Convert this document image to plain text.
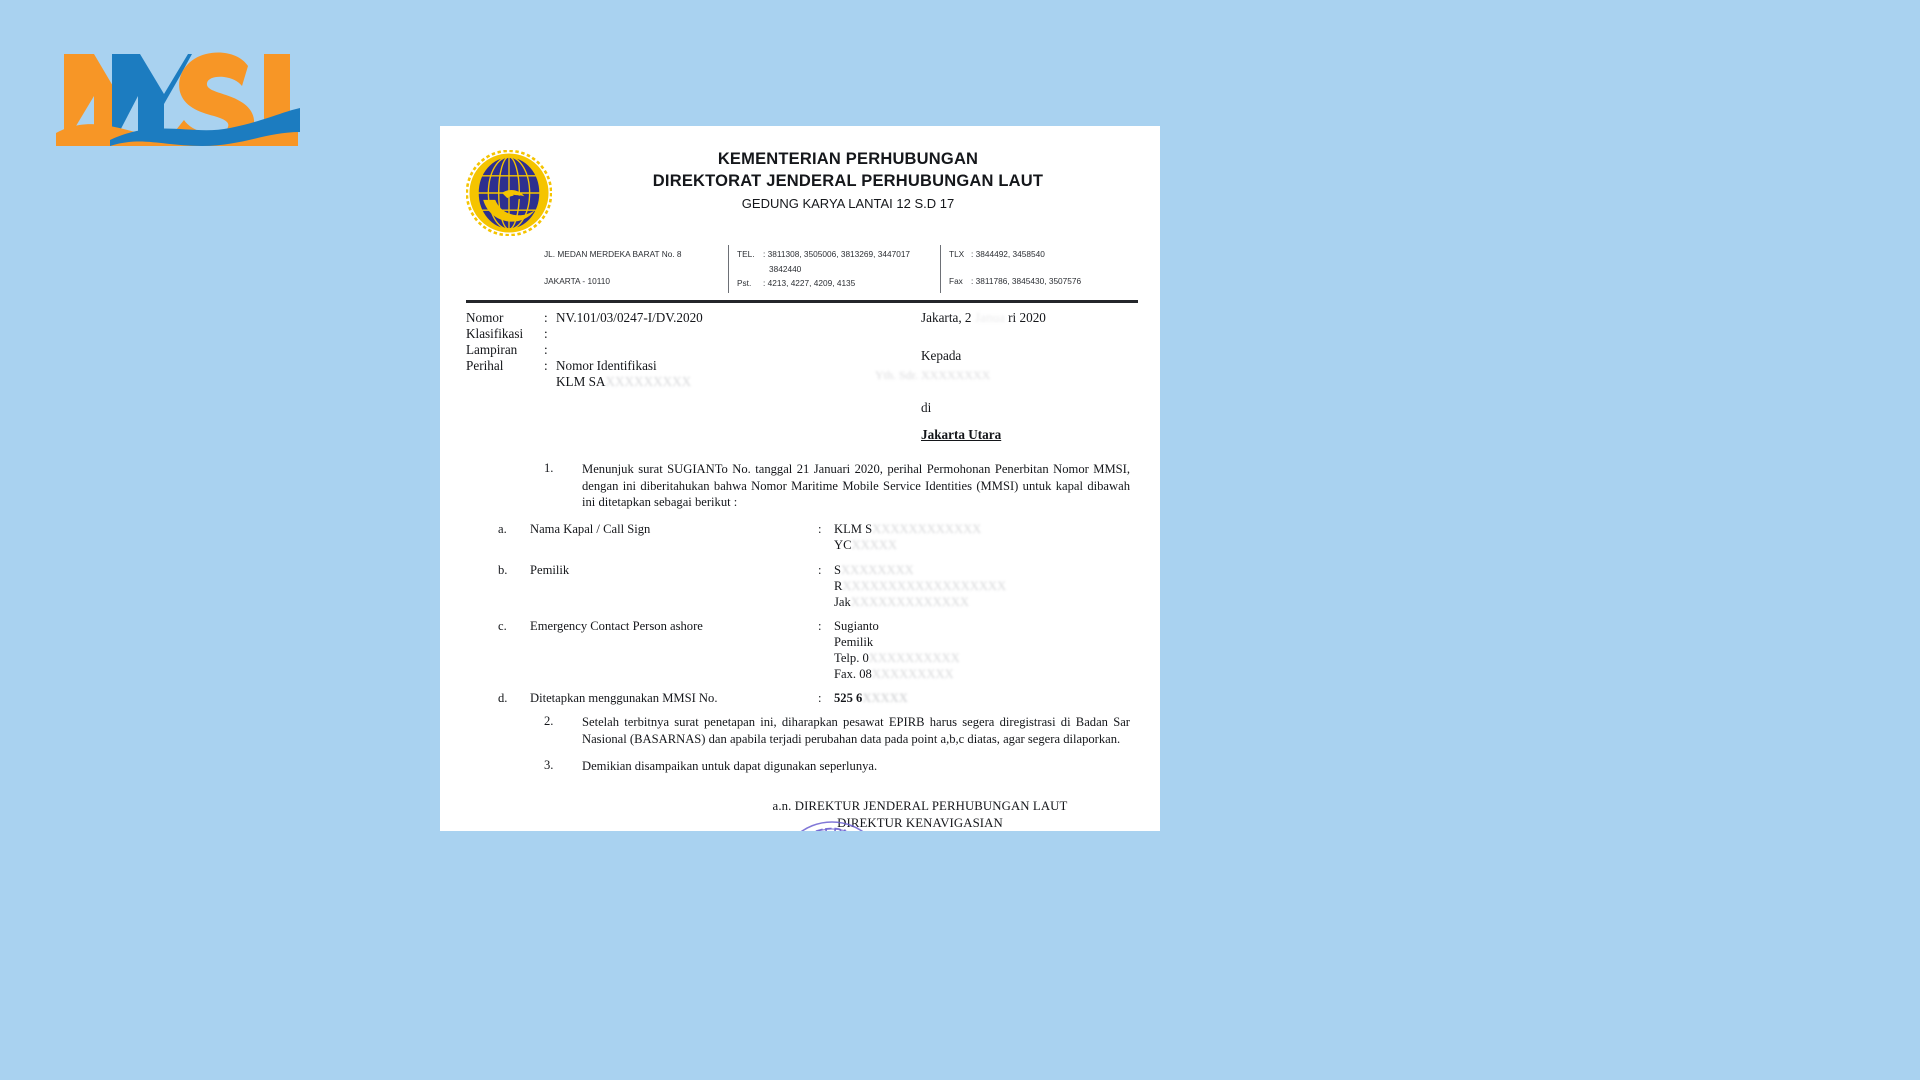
KEMENTERIAN PERHUBUNGAN
DIREKTORAT JENDERAL PERHUBUNGAN LAUT
GEDUNG KARYA LANTAI 12 S.D 17
JL. MEDAN MERDEKA BARAT No. 8
JAKARTA - 10110
TEL. : 3811308, 3505006, 3813269, 3447017
3842440
Pst. : 4213, 4227, 4209, 4135
TLX : 3844492, 3458540
Fax : 3811786, 3845430, 3507576
Nomor	: NV.101/03/0247-I/DV.2020
Klasifikasi	:
Lampiran	:
Perihal	: Nomor Identifikasi
KLM SAXXXXXXXXX
Jakarta, 2 Janua ri 2020
Kepada
Yth. Sdr. XXXXXXXX
di
Jakarta Utara
1.	Menunjuk surat SUGIANTo No. tanggal 21 Januari 2020, perihal Permohonan Penerbitan Nomor MMSI, dengan ini diberitahukan bahwa Nomor Maritime Mobile Service Identities (MMSI) untuk kapal dibawah ini ditetapkan sebagai berikut :
a.	Nama Kapal / Call Sign	: KLM SXXXXXXXXXXXX
YCXXXXX
b.	Pemilik	: SXXXXXXXX
RXXXXXXXXXXXXXXXXXX
JakXXXXXXXXXXXXX
c.	Emergency Contact Person ashore	: Sugianto
Pemilik
Telp. 0XXXXXXXXXX
Fax. 08XXXXXXXXX
d.	Ditetapkan menggunakan MMSI No.	: 525 6XXXXX
2.	Setelah terbitnya surat penetapan ini, diharapkan pesawat EPIRB harus segera diregistrasi di Badan Sar Nasional (BASARNAS) dan apabila terjadi perubahan data pada point a,b,c diatas, agar segera dilaporkan.
3.	Demikian disampaikan untuk dapat digunakan seperlunya.
a.n. DIREKTUR JENDERAL PERHUBUNGAN LAUT
DIREKTUR KENAVIGASIAN
KEMENTERIAN
PERHUBUNGAN
